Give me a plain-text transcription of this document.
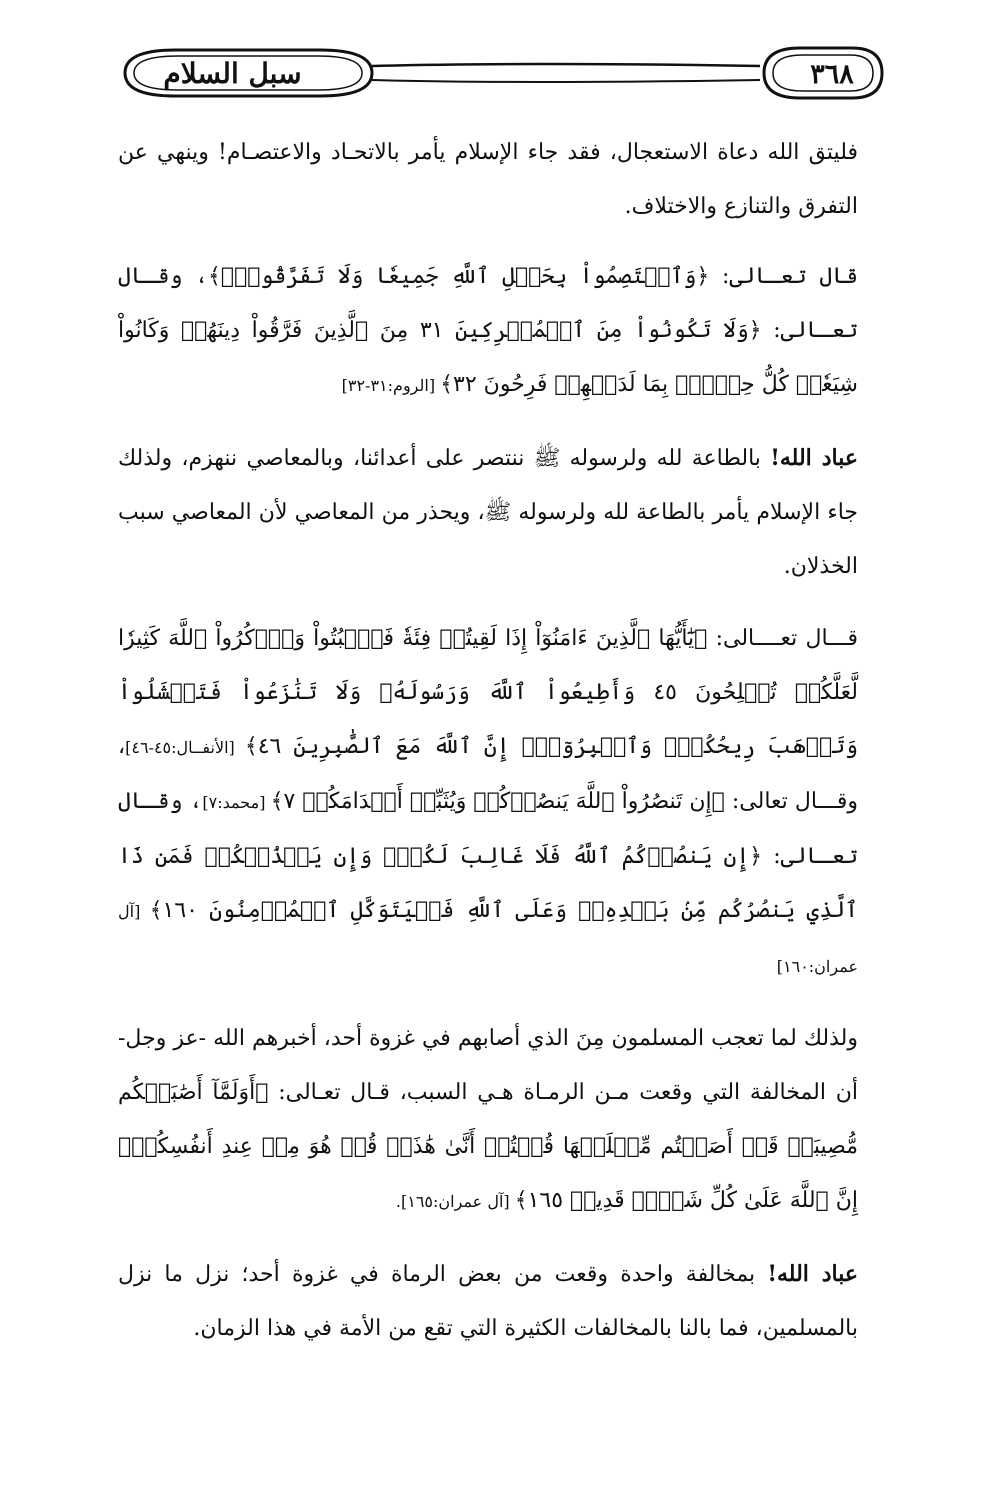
٣٦٨
سبل السلام

فليتق الله دعاة الاستعجال، فقد جاء الإسلام يأمر بالاتحـاد والاعتصـام! وينهي عن التفرق والتنازع والاختلاف.

قال تعـالى: ﴿وَٱعۡتَصِمُواْ بِحَبۡلِ ٱللَّهِ جَمِيعٗا وَلَا تَفَرَّقُواْۚ﴾، وقـال تعـالى: ﴿وَلَا تَكُونُواْ مِنَ ٱلۡمُشۡرِكِينَ ٣١ مِنَ ٱلَّذِينَ فَرَّقُواْ دِينَهُمۡ وَكَانُواْ شِيَعٗاۖ كُلُّ حِزۡبِۭ بِمَا لَدَيۡهِمۡ فَرِحُونَ ٣٢﴾ [الروم:٣١-٣٢]

عباد الله! بالطاعة لله ولرسوله ﷺ ننتصر على أعدائنا، وبالمعاصي ننهزم، ولذلك جاء الإسلام يأمر بالطاعة لله ولرسوله ﷺ، ويحذر من المعاصي لأن المعاصي سبب الخذلان.

قـــال تعــــالى: ﴿يَٰٓأَيُّهَا ٱلَّذِينَ ءَامَنُوٓاْ إِذَا لَقِيتُمۡ فِئَةٗ فَٱثۡبُتُواْ وَٱذۡكُرُواْ ٱللَّهَ كَثِيرٗا لَّعَلَّكُمۡ تُفۡلِحُونَ ٤٥ وَأَطِيعُواْ ٱللَّهَ وَرَسُولَهُۥ وَلَا تَنَٰزَعُواْ فَتَفۡشَلُواْ وَتَذۡهَبَ رِيحُكُمۡۖ وَٱصۡبِرُوٓاْۚ إِنَّ ٱللَّهَ مَعَ ٱلصَّٰبِرِينَ ٤٦﴾ [الأنفــال:٤٥-٤٦]، وقـــال تعالى: ﴿إِن تَنصُرُواْ ٱللَّهَ يَنصُرۡكُمۡ وَيُثَبِّتۡ أَقۡدَامَكُمۡ ٧﴾ [محمد:٧]، وقـال تعـالى: ﴿إِن يَنصُرۡكُمُ ٱللَّهُ فَلَا غَالِبَ لَكُمۡۖ وَإِن يَخۡذُلۡكُمۡ فَمَن ذَا ٱلَّذِي يَنصُرُكُم مِّنۢ بَعۡدِهِۦۗ وَعَلَى ٱللَّهِ فَلۡيَتَوَكَّلِ ٱلۡمُؤۡمِنُونَ ١٦٠﴾ [آل عمران:١٦٠]

ولذلك لما تعجب المسلمون مِنَ الذي أصابهم في غزوة أحد، أخبرهم الله -عز وجل- أن المخالفة التي وقعت مـن الرمـاة هـي السبب، قـال تعـالى: ﴿أَوَلَمَّآ أَصَٰبَتۡكُم مُّصِيبَةٞ قَدۡ أَصَبۡتُم مِّثۡلَيۡهَا قُلۡتُمۡ أَنَّىٰ هَٰذَاۖ قُلۡ هُوَ مِنۡ عِندِ أَنفُسِكُمۡۗ إِنَّ ٱللَّهَ عَلَىٰ كُلِّ شَيۡءٖ قَدِيرٞ ١٦٥﴾ [آل عمران:١٦٥].

عباد الله! بمخالفة واحدة وقعت من بعض الرماة في غزوة أحد؛ نزل ما نزل بالمسلمين، فما بالنا بالمخالفات الكثيرة التي تقع من الأمة في هذا الزمان.
